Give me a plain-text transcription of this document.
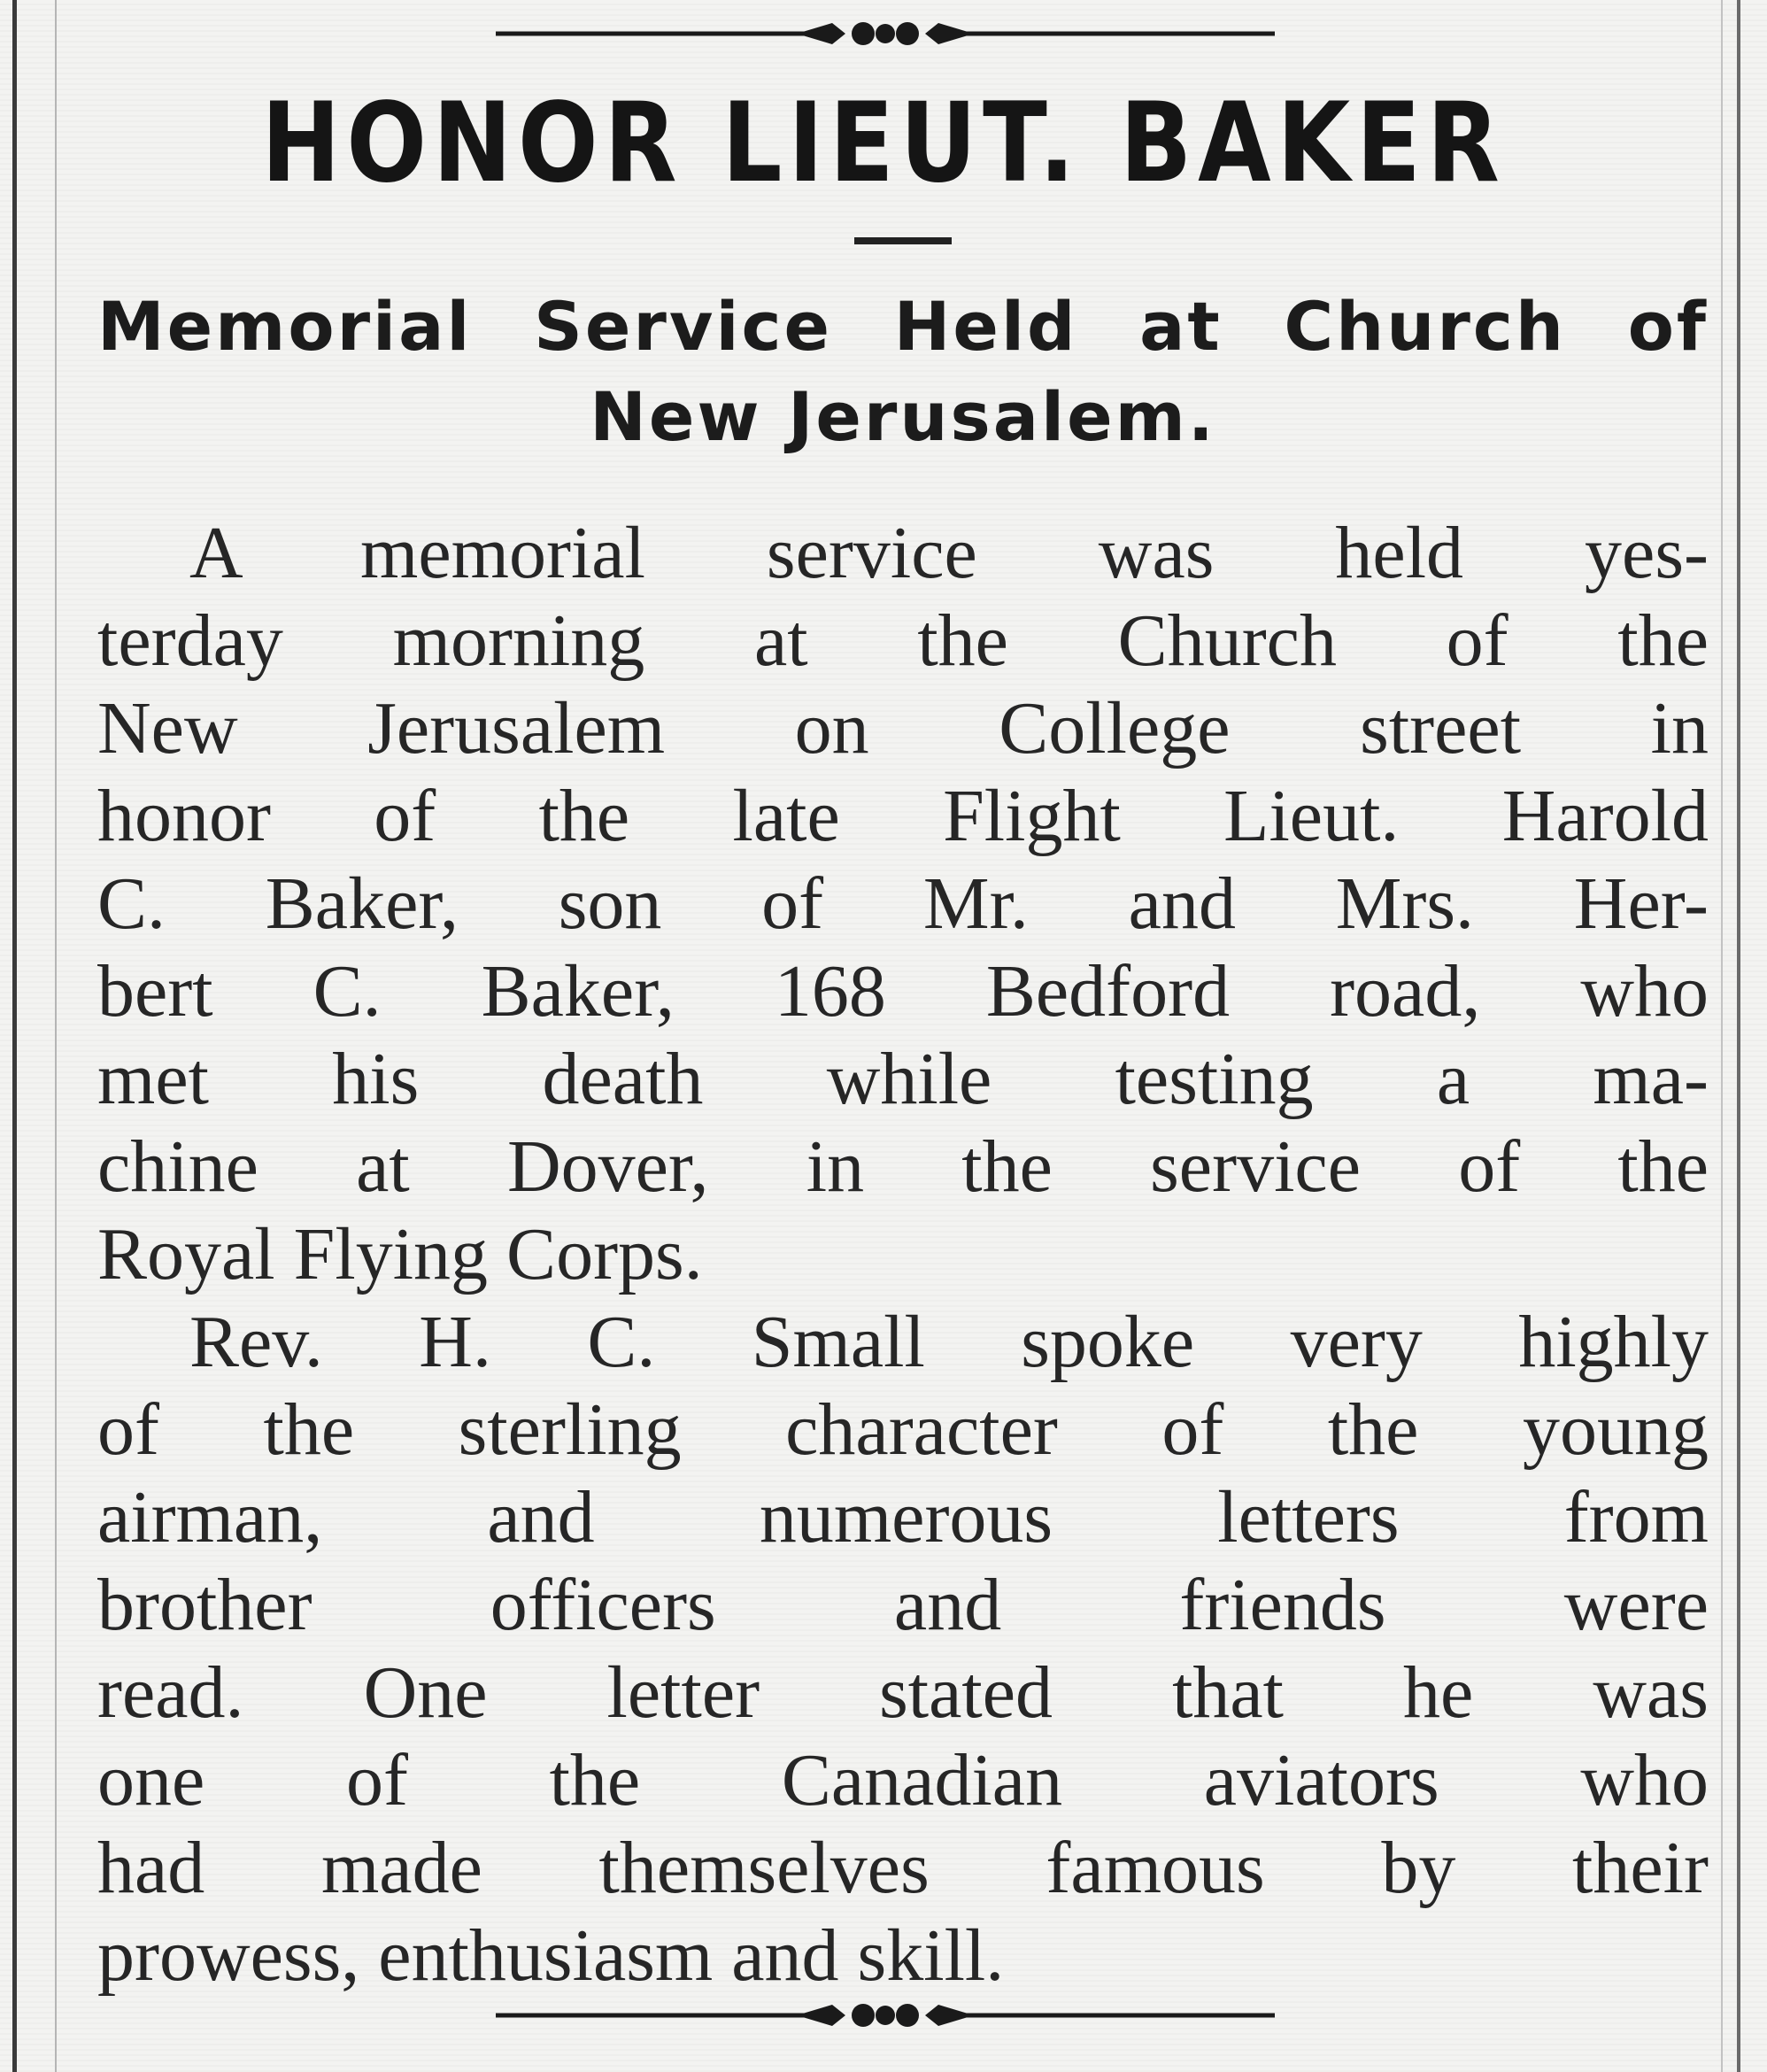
HONOR LIEUT. BAKER
Memorial Service Held at Church of
New Jerusalem.
A memorial service was held yes-
terday morning at the Church of the
New Jerusalem on College street in
honor of the late Flight Lieut. Harold
C. Baker, son of Mr. and Mrs. Her-
bert C. Baker, 168 Bedford road, who
met his death while testing a ma-
chine at Dover, in the service of the
Royal Flying Corps.
Rev. H. C. Small spoke very highly
of the sterling character of the young
airman, and numerous letters from
brother officers and friends were
read. One letter stated that he was
one of the Canadian aviators who
had made themselves famous by their
prowess, enthusiasm and skill.
